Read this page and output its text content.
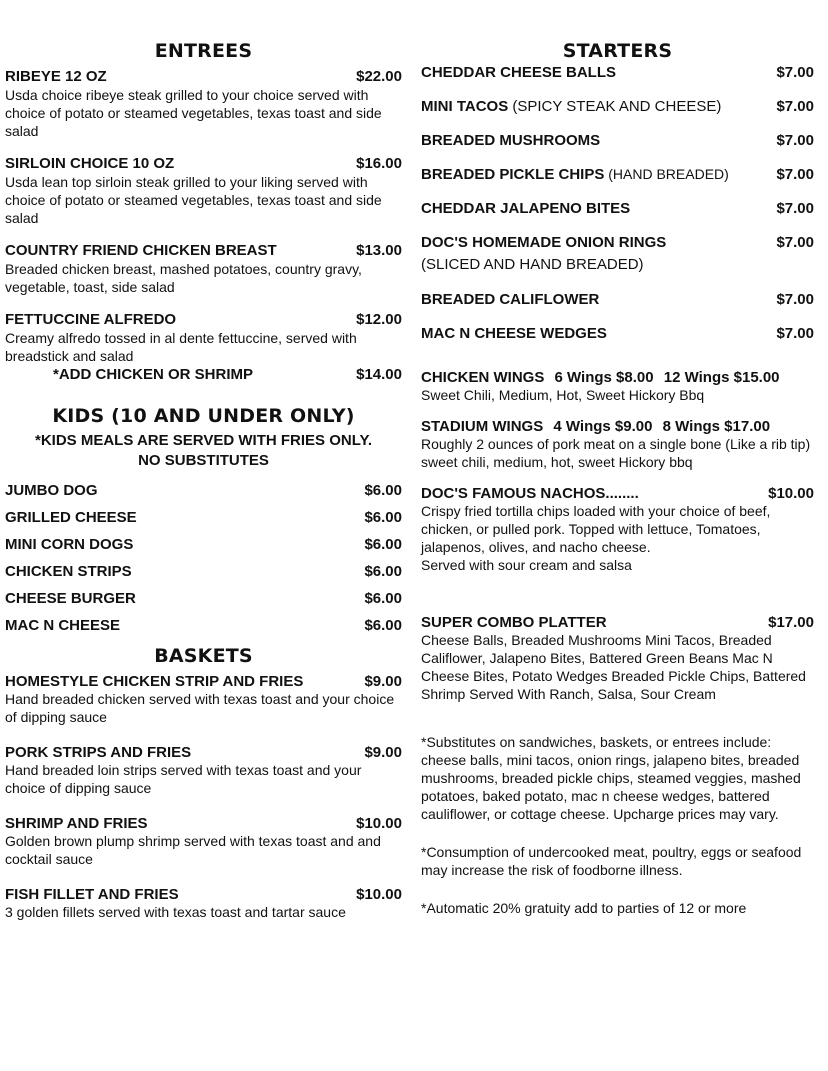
ENTREES
RIBEYE 12 OZ	$22.00
Usda choice ribeye steak grilled to your choice served with choice of potato or steamed vegetables, texas toast and side salad
SIRLOIN CHOICE 10 OZ	$16.00
Usda lean top sirloin steak grilled to your liking served with choice of potato or steamed vegetables, texas toast and side salad
COUNTRY FRIEND CHICKEN BREAST	$13.00
Breaded chicken breast, mashed potatoes, country gravy, vegetable, toast, side salad
FETTUCCINE ALFREDO	$12.00
Creamy alfredo tossed in al dente fettuccine, served with breadstick and salad
*ADD CHICKEN OR SHRIMP	$14.00
KIDS (10 AND UNDER ONLY)
*KIDS MEALS ARE SERVED WITH FRIES ONLY.
NO SUBSTITUTES
JUMBO DOG	$6.00
GRILLED CHEESE	$6.00
MINI CORN DOGS	$6.00
CHICKEN STRIPS	$6.00
CHEESE BURGER	$6.00
MAC N CHEESE	$6.00
BASKETS
HOMESTYLE CHICKEN STRIP AND FRIES	$9.00
Hand breaded chicken served with texas toast and your choice of dipping sauce
PORK STRIPS AND FRIES	$9.00
Hand breaded loin strips served with texas toast and your choice of dipping sauce
SHRIMP AND FRIES	$10.00
Golden brown plump shrimp served with texas toast and and cocktail sauce
FISH FILLET AND FRIES	$10.00
3 golden fillets served with texas toast and tartar sauce
STARTERS
CHEDDAR CHEESE BALLS	$7.00
MINI TACOS (SPICY STEAK AND CHEESE)	$7.00
BREADED MUSHROOMS	$7.00
BREADED PICKLE CHIPS (HAND BREADED)	$7.00
CHEDDAR JALAPENO BITES	$7.00
DOC'S HOMEMADE ONION RINGS	$7.00
(SLICED AND HAND BREADED)
BREADED CALIFLOWER	$7.00
MAC N CHEESE WEDGES	$7.00
CHICKEN WINGS 6 Wings $8.00 12 Wings $15.00
Sweet Chili, Medium, Hot, Sweet Hickory Bbq
STADIUM WINGS 4 Wings $9.00 8 Wings $17.00
Roughly 2 ounces of pork meat on a single bone (Like a rib tip) sweet chili, medium, hot, sweet Hickory bbq
DOC'S FAMOUS NACHOS........	$10.00
Crispy fried tortilla chips loaded with your choice of beef, chicken, or pulled pork. Topped with lettuce, Tomatoes, jalapenos, olives, and nacho cheese.
Served with sour cream and salsa
SUPER COMBO PLATTER	$17.00
Cheese Balls, Breaded Mushrooms Mini Tacos, Breaded Califlower, Jalapeno Bites, Battered Green Beans Mac N Cheese Bites, Potato Wedges Breaded Pickle Chips, Battered Shrimp Served With Ranch, Salsa, Sour Cream
*Substitutes on sandwiches, baskets, or entrees include: cheese balls, mini tacos, onion rings, jalapeno bites, breaded mushrooms, breaded pickle chips, steamed veggies, mashed potatoes, baked potato, mac n cheese wedges, battered cauliflower, or cottage cheese. Upcharge prices may vary.
*Consumption of undercooked meat, poultry, eggs or seafood may increase the risk of foodborne illness.
*Automatic 20% gratuity add to parties of 12 or more
